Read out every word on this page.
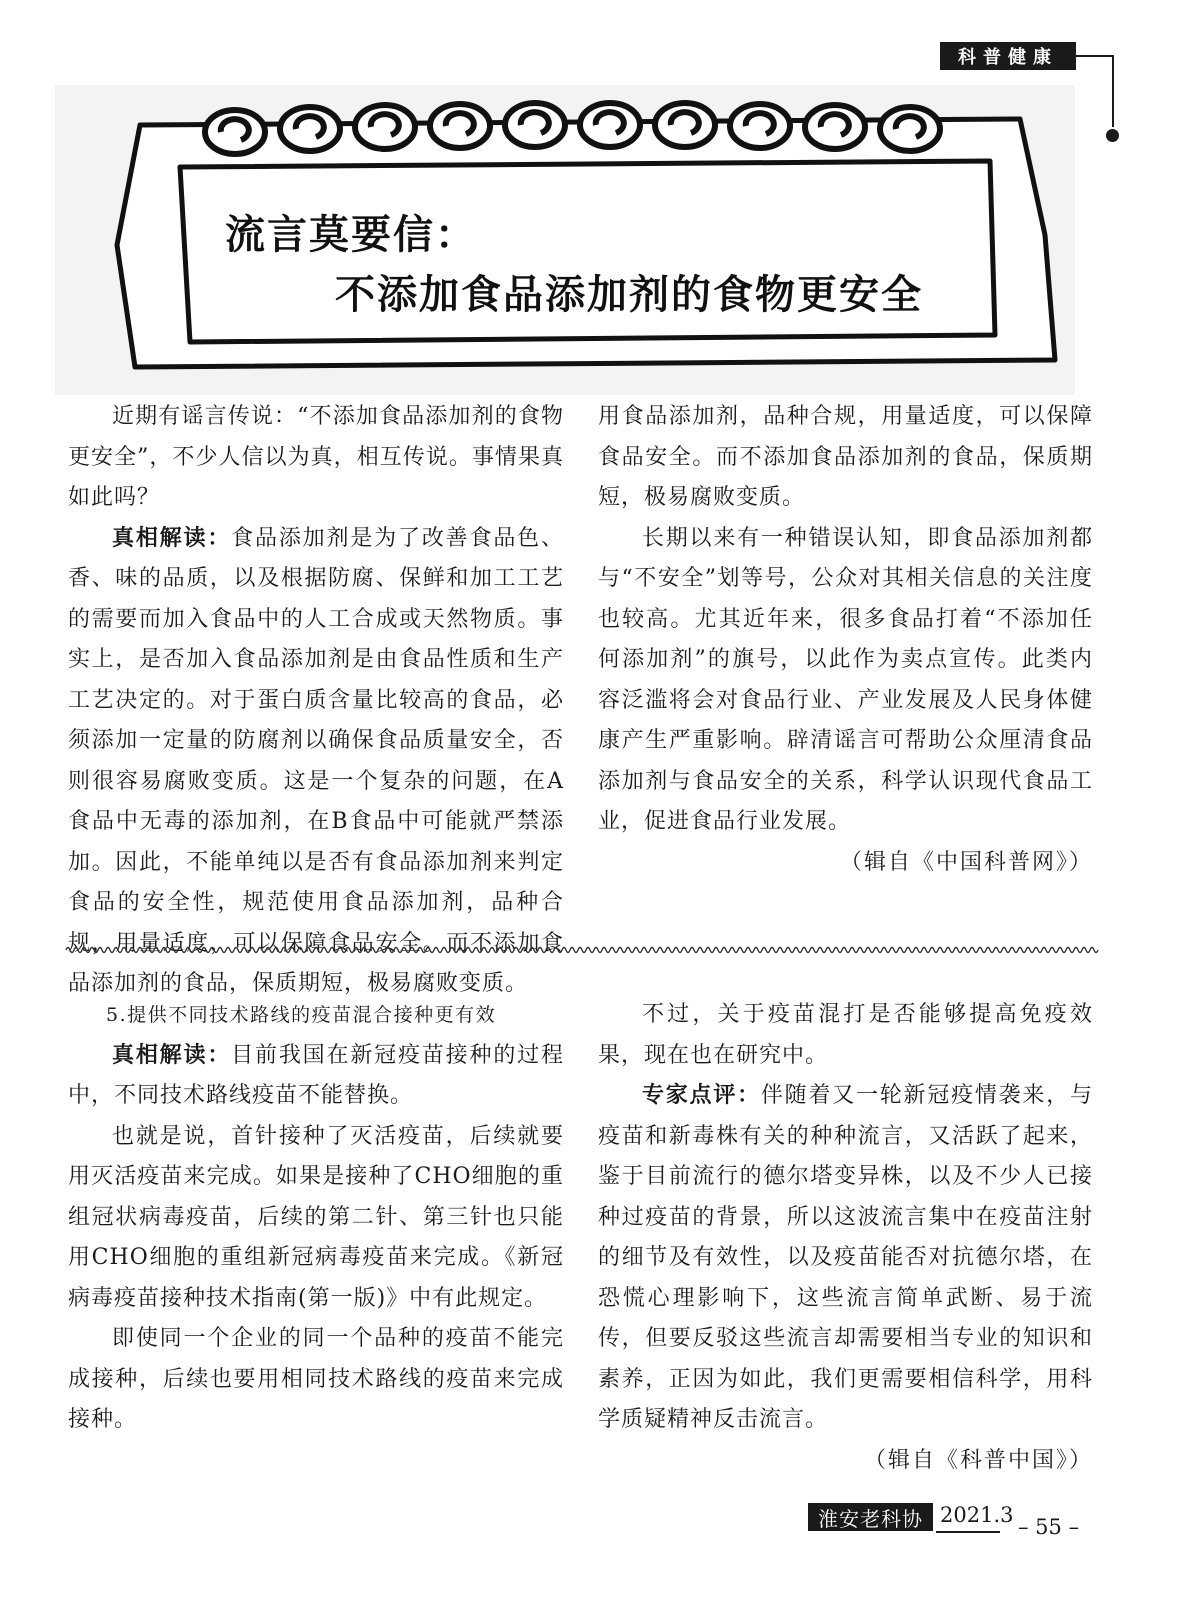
科普健康
流言莫要信：
不添加食品添加剂的食物更安全

近期有谣言传说：“不添加食品添加剂的食物更安全”，不少人信以为真，相互传说。事情果真如此吗？

真相解读：食品添加剂是为了改善食品色、香、味的品质，以及根据防腐、保鲜和加工工艺的需要而加入食品中的人工合成或天然物质。事实上，是否加入食品添加剂是由食品性质和生产工艺决定的。对于蛋白质含量比较高的食品，必须添加一定量的防腐剂以确保食品质量安全，否则很容易腐败变质。这是一个复杂的问题，在A食品中无毒的添加剂，在B食品中可能就严禁添加。因此，不能单纯以是否有食品添加剂来判定食品的安全性，规范使用食品添加剂，品种合规，用量适度，可以保障食品安全。而不添加食品添加剂的食品，保质期短，极易腐败变质。

用食品添加剂，品种合规，用量适度，可以保障食品安全。而不添加食品添加剂的食品，保质期短，极易腐败变质。

长期以来有一种错误认知，即食品添加剂都与“不安全”划等号，公众对其相关信息的关注度也较高。尤其近年来，很多食品打着“不添加任何添加剂”的旗号，以此作为卖点宣传。此类内容泛滥将会对食品行业、产业发展及人民身体健康产生严重影响。辟清谣言可帮助公众厘清食品添加剂与食品安全的关系，科学认识现代食品工业，促进食品行业发展。

（辑自《中国科普网》）

5.提供不同技术路线的疫苗混合接种更有效

真相解读：目前我国在新冠疫苗接种的过程中，不同技术路线疫苗不能替换。

也就是说，首针接种了灭活疫苗，后续就要用灭活疫苗来完成。如果是接种了CHO细胞的重组冠状病毒疫苗，后续的第二针、第三针也只能用CHO细胞的重组新冠病毒疫苗来完成。《新冠病毒疫苗接种技术指南(第一版)》中有此规定。

即使同一个企业的同一个品种的疫苗不能完成接种，后续也要用相同技术路线的疫苗来完成接种。

不过，关于疫苗混打是否能够提高免疫效果，现在也在研究中。

专家点评：伴随着又一轮新冠疫情袭来，与疫苗和新毒株有关的种种流言，又活跃了起来，鉴于目前流行的德尔塔变异株，以及不少人已接种过疫苗的背景，所以这波流言集中在疫苗注射的细节及有效性，以及疫苗能否对抗德尔塔，在恐慌心理影响下，这些流言简单武断、易于流传，但要反驳这些流言却需要相当专业的知识和素养，正因为如此，我们更需要相信科学，用科学质疑精神反击流言。

（辑自《科普中国》）

淮安老科协 2021.3 – 55 –
